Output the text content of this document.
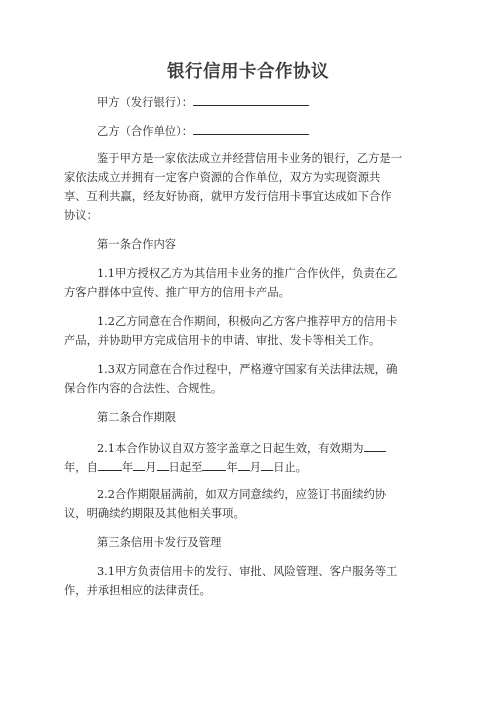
银行信用卡合作协议
甲方（发行银行）：
乙方（合作单位）：
鉴于甲方是一家依法成立并经营信用卡业务的银行，乙方是一
家依法成立并拥有一定客户资源的合作单位，双方为实现资源共
享、互利共赢，经友好协商，就甲方发行信用卡事宜达成如下合作
协议：
第一条合作内容
1.1甲方授权乙方为其信用卡业务的推广合作伙伴，负责在乙
方客户群体中宣传、推广甲方的信用卡产品。
1.2乙方同意在合作期间，积极向乙方客户推荐甲方的信用卡
产品，并协助甲方完成信用卡的申请、审批、发卡等相关工作。
1.3双方同意在合作过程中，严格遵守国家有关法律法规，确
保合作内容的合法性、合规性。
第二条合作期限
2.1本合作协议自双方签字盖章之日起生效，有效期为
年，自 年 月 日起至 年 月 日止。
2.2合作期限届满前，如双方同意续约，应签订书面续约协
议，明确续约期限及其他相关事项。
第三条信用卡发行及管理
3.1甲方负责信用卡的发行、审批、风险管理、客户服务等工
作，并承担相应的法律责任。
